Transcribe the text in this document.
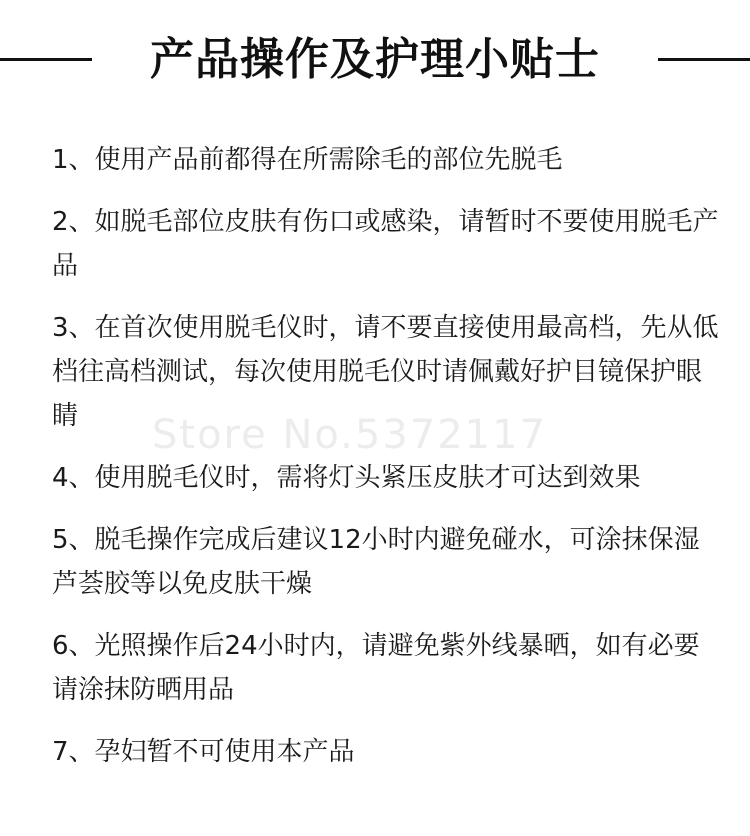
产品操作及护理小贴士
1、使用产品前都得在所需除毛的部位先脱毛
2、如脱毛部位皮肤有伤口或感染，请暂时不要使用脱毛产品
3、在首次使用脱毛仪时，请不要直接使用最高档，先从低档往高档测试，每次使用脱毛仪时请佩戴好护目镜保护眼睛
4、使用脱毛仪时，需将灯头紧压皮肤才可达到效果
5、脱毛操作完成后建议12小时内避免碰水，可涂抹保湿芦荟胶等以免皮肤干燥
6、光照操作后24小时内，请避免紫外线暴晒，如有必要请涂抹防晒用品
7、孕妇暂不可使用本产品
Store No.5372117
